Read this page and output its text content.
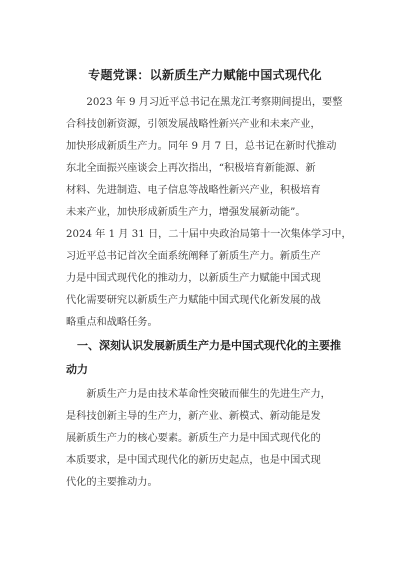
专题党课：以新质生产力赋能中国式现代化
　　2023 年 9 月习近平总书记在黑龙江考察期间提出，要整
合科技创新资源，引领发展战略性新兴产业和未来产业，
加快形成新质生产力。同年 9 月 7 日，总书记在新时代推动
东北全面振兴座谈会上再次指出，“积极培育新能源、新
材料、先进制造、电子信息等战略性新兴产业，积极培育
未来产业，加快形成新质生产力，增强发展新动能”。
2024 年 1 月 31 日，二十届中央政治局第十一次集体学习中，
习近平总书记首次全面系统阐释了新质生产力。新质生产
力是中国式现代化的推动力，以新质生产力赋能中国式现
代化需要研究以新质生产力赋能中国式现代化新发展的战
略重点和战略任务。
　一、深刻认识发展新质生产力是中国式现代化的主要推
动力
　　新质生产力是由技术革命性突破而催生的先进生产力，
是科技创新主导的生产力，新产业、新模式、新动能是发
展新质生产力的核心要素。新质生产力是中国式现代化的
本质要求，是中国式现代化的新历史起点，也是中国式现
代化的主要推动力。
